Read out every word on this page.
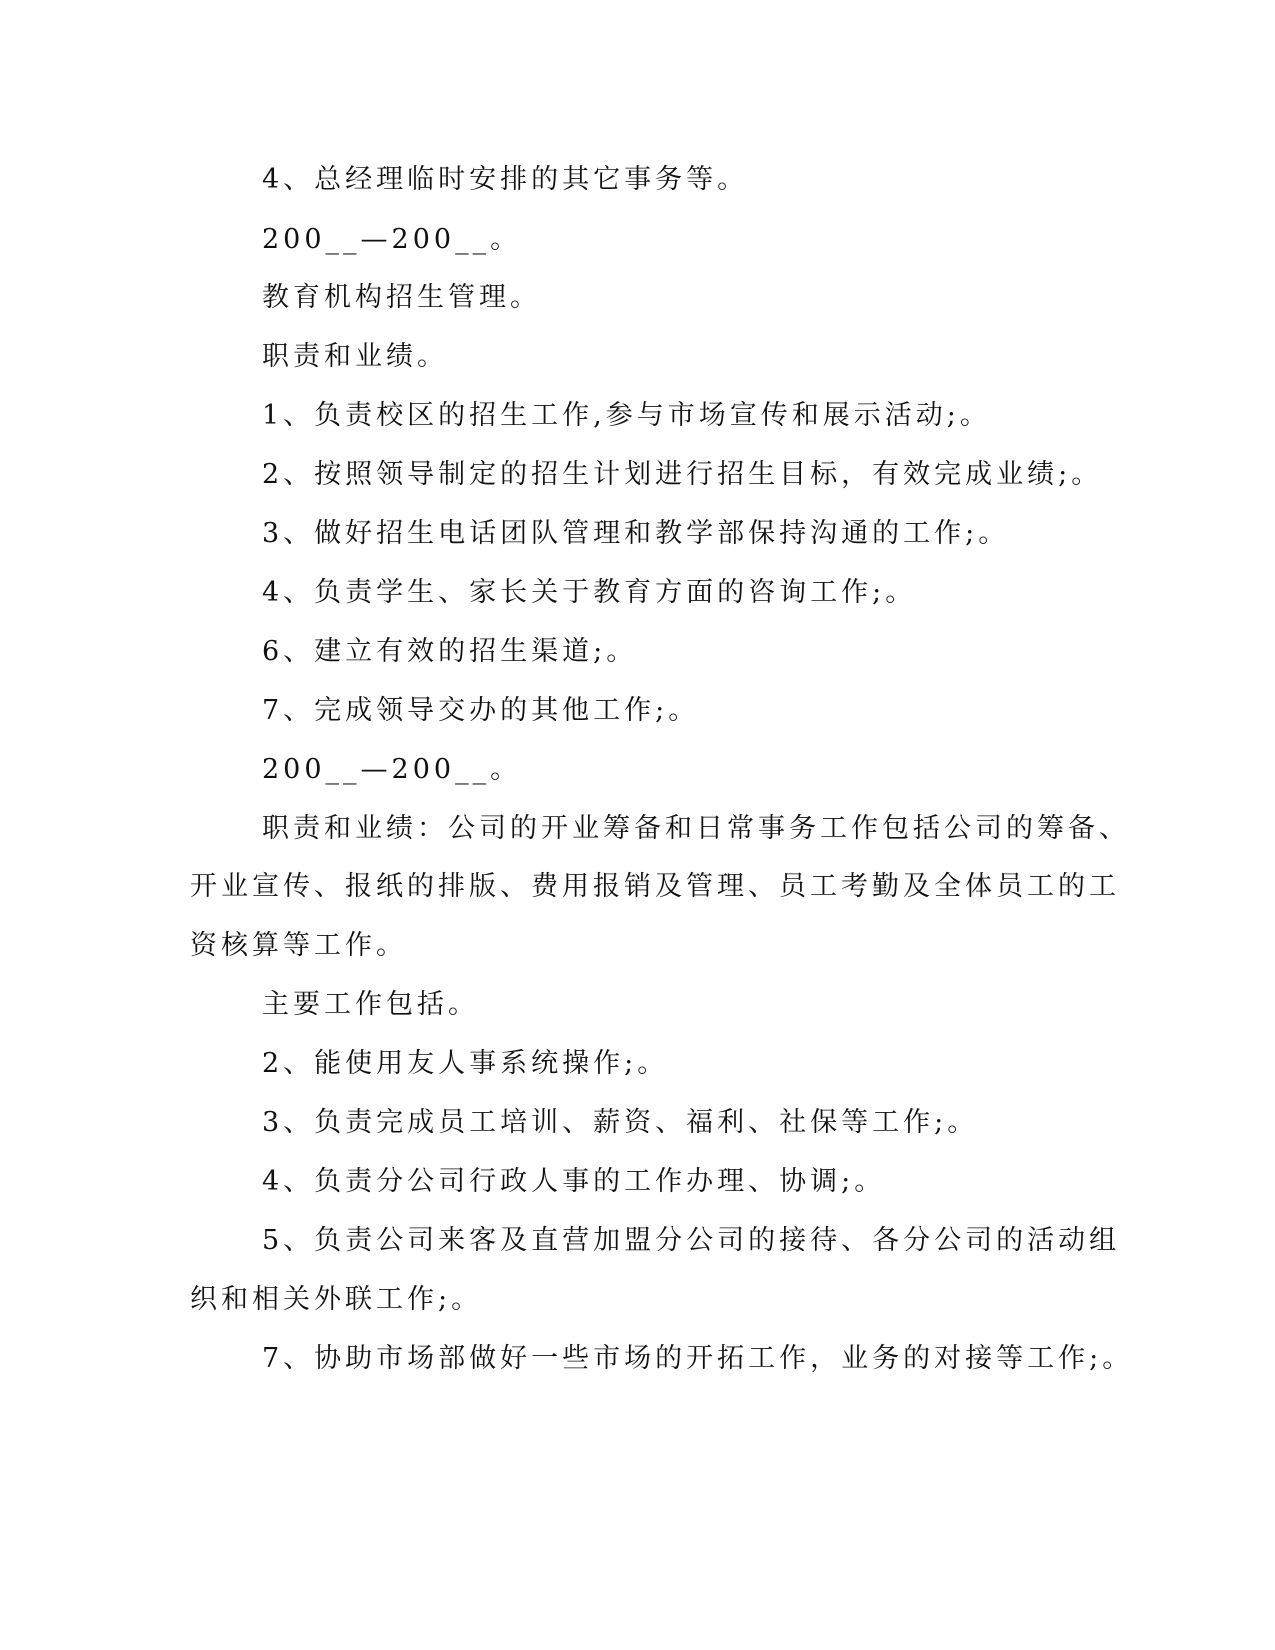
4、总经理临时安排的其它事务等。
200__—200__。
教育机构招生管理。
职责和业绩。
1、负责校区的招生工作,参与市场宣传和展示活动;。
2、按照领导制定的招生计划进行招生目标，有效完成业绩;。
3、做好招生电话团队管理和教学部保持沟通的工作;。
4、负责学生、家长关于教育方面的咨询工作;。
6、建立有效的招生渠道;。
7、完成领导交办的其他工作;。
200__—200__。
职责和业绩：公司的开业筹备和日常事务工作包括公司的筹备、
开业宣传、报纸的排版、费用报销及管理、员工考勤及全体员工的工
资核算等工作。
主要工作包括。
2、能使用友人事系统操作;。
3、负责完成员工培训、薪资、福利、社保等工作;。
4、负责分公司行政人事的工作办理、协调;。
5、负责公司来客及直营加盟分公司的接待、各分公司的活动组
织和相关外联工作;。
7、协助市场部做好一些市场的开拓工作，业务的对接等工作;。
